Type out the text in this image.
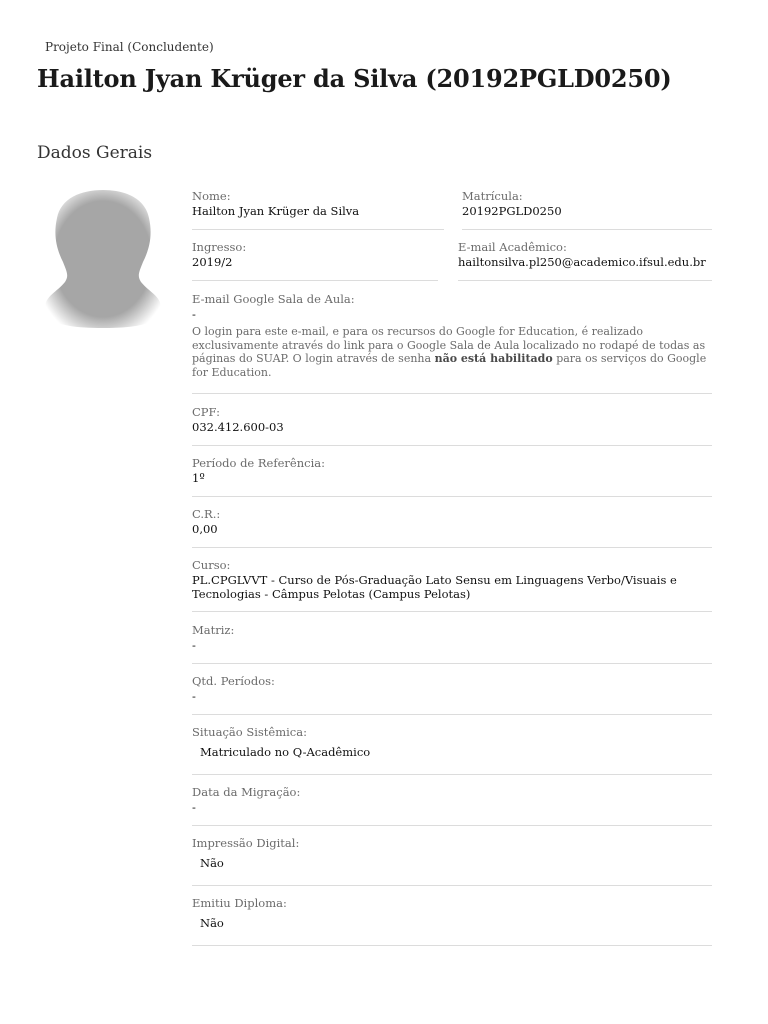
Projeto Final (Concludente)
Hailton Jyan Krüger da Silva (20192PGLD0250)
Dados Gerais
Nome:
Hailton Jyan Krüger da Silva
Matrícula:
20192PGLD0250
Ingresso:
2019/2
E-mail Acadêmico:
hailtonsilva.pl250@academico.ifsul.edu.br
E-mail Google Sala de Aula:
-
O login para este e-mail, e para os recursos do Google for Education, é realizado exclusivamente através do link para o Google Sala de Aula localizado no rodapé de todas as páginas do SUAP. O login através de senha não está habilitado para os serviços do Google for Education.
CPF:
032.412.600-03
Período de Referência:
1º
C.R.:
0,00
Curso:
PL.CPGLVVT - Curso de Pós-Graduação Lato Sensu em Linguagens Verbo/Visuais e Tecnologias - Câmpus Pelotas (Campus Pelotas)
Matriz:
-
Qtd. Períodos:
-
Situação Sistêmica:
Matriculado no Q-Acadêmico
Data da Migração:
-
Impressão Digital:
Não
Emitiu Diploma:
Não
